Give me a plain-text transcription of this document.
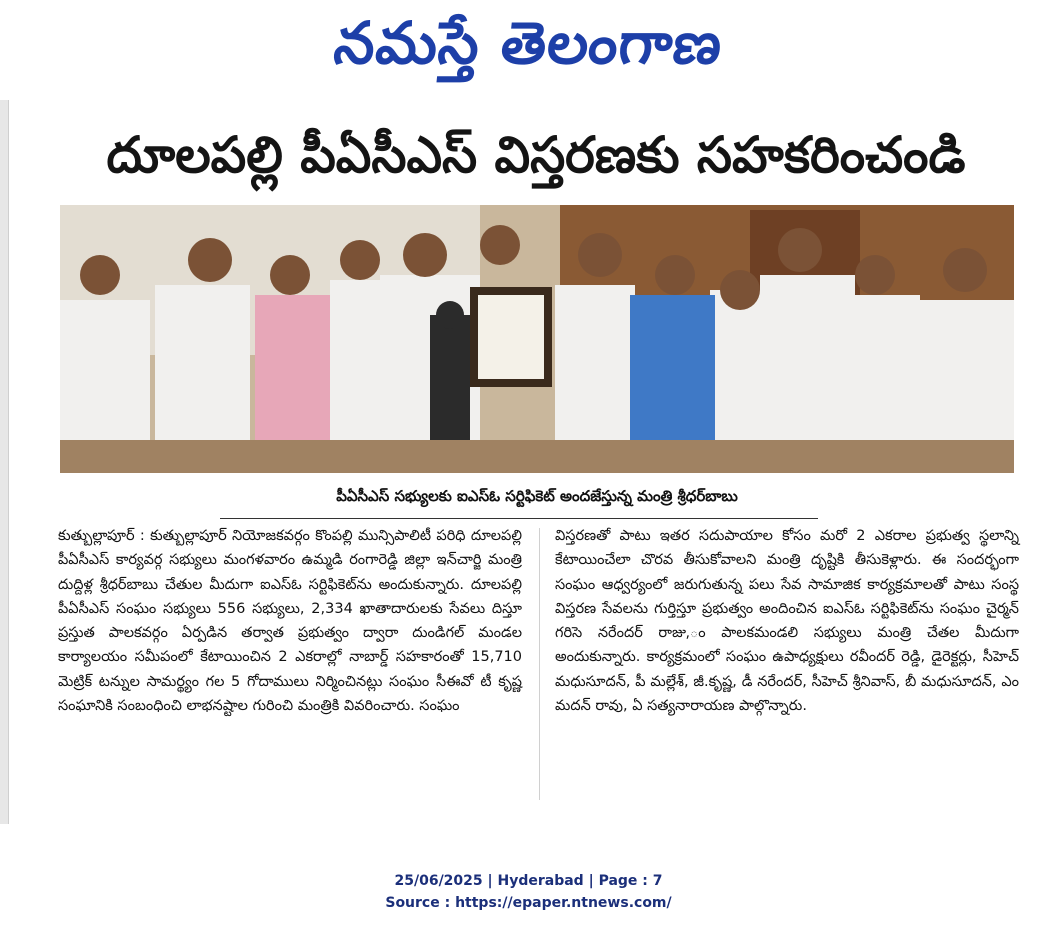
నమస్తే తెలంగాణ
దూలపల్లి పీఏసీఎస్ విస్తరణకు సహకరించండి
పీఏసీఎస్ సభ్యులకు ఐఎస్ఓ సర్టిఫికెట్ అందజేస్తున్న మంత్రి శ్రీధర్‌బాబు

కుత్బుల్లాపూర్ : కుత్బుల్లాపూర్ నియోజకవర్గం కొంపల్లి మున్సిపాలిటీ పరిధి దూలపల్లి పీఏసీఎస్ కార్యవర్గ సభ్యులు మంగళవారం ఉమ్మడి రంగారెడ్డి జిల్లా ఇన్‌చార్జి మంత్రి దుద్దిళ్ల శ్రీధర్‌బాబు చేతుల మీదుగా ఐఎస్ఓ సర్టిఫికెట్‌ను అందుకున్నారు. దూలపల్లి పీఏసీఎస్ సంఘం సభ్యులు 556 సభ్యులు, 2,334 ఖాతాదారులకు సేవలు దిస్తూ ప్రస్తుత పాలకవర్గం ఏర్పడిన తర్వాత ప్రభుత్వం ద్వారా దుండిగల్ మండల కార్యాలయం సమీపంలో కేటాయించిన 2 ఎకరాల్లో నాబార్డ్ సహకారంతో 15,710 మెట్రిక్ టన్నుల సామర్థ్యం గల 5 గోదాములు నిర్మించినట్లు సంఘం సీఈవో టీ కృష్ణ సంఘానికి సంబంధించి లాభనష్టాల గురించి మంత్రికి వివరించారు. సంఘం

విస్తరణతో పాటు ఇతర సదుపాయాల కోసం మరో 2 ఎకరాల ప్రభుత్వ స్థలాన్ని కేటాయించేలా చొరవ తీసుకోవాలని మంత్రి దృష్టికి తీసుకెళ్లారు. ఈ సందర్భంగా సంఘం ఆధ్వర్యంలో జరుగుతున్న పలు సేవ సామాజిక కార్యక్రమాలతో పాటు సంస్థ విస్తరణ సేవలను గుర్తిస్తూ ప్రభుత్వం అందించిన ఐఎస్ఓ సర్టిఫికెట్‌ను సంఘం చైర్మన్ గరిసె నరేందర్ రాజు,ం పాలకమండలి సభ్యులు మంత్రి చేతల మీదుగా అందుకున్నారు. కార్యక్రమంలో సంఘం ఉపాధ్యక్షులు రవీందర్ రెడ్డి, డైరెక్టర్లు, సీహెచ్ మధుసూదన్, పీ మల్లేశ్, జీ.కృష్ణ, డీ నరేందర్, సీహెచ్ శ్రీనివాస్, బీ మధుసూదన్, ఎం మదన్ రావు, ఏ సత్యనారాయణ పాల్గొన్నారు.

25/06/2025 | Hyderabad | Page : 7
Source : https://epaper.ntnews.com/
